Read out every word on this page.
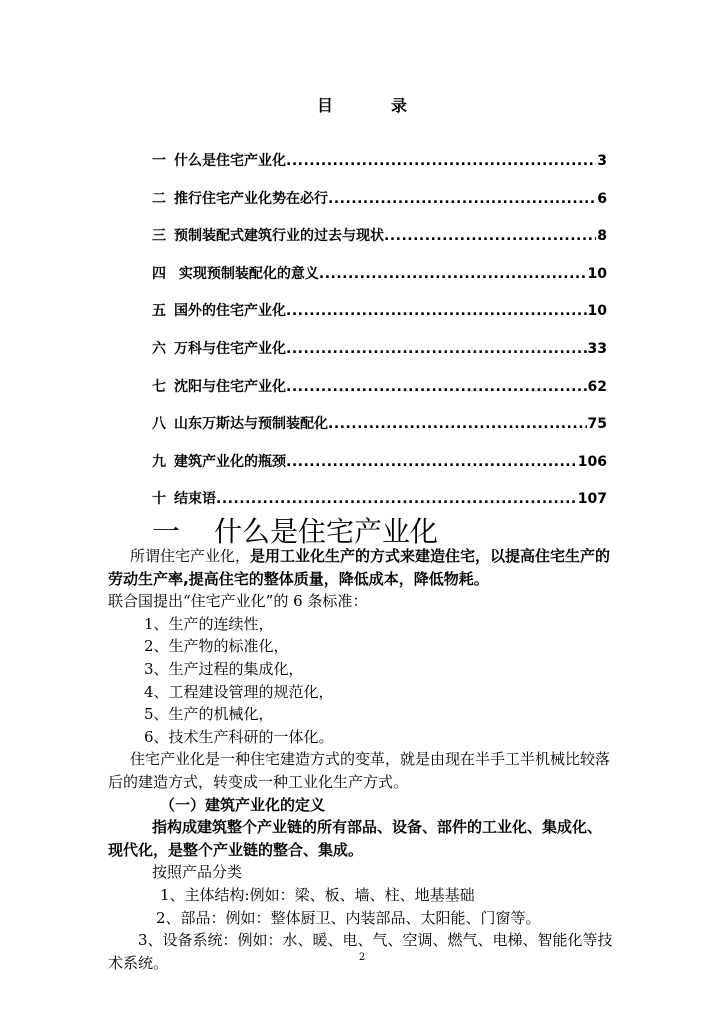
目	录
一 什么是住宅产业化 .....	3
二 推行住宅产业化势在必行 .....	6
三 预制装配式建筑行业的过去与现状 .....	8
四 实现预制装配化的意义 .....	10
五 国外的住宅产业化 .....	10
六 万科与住宅产业化 .....	33
七 沈阳与住宅产业化 .....	62
八 山东万斯达与预制装配化 .....	75
九 建筑产业化的瓶颈 .....	106
十 结束语 .....	107
一 什么是住宅产业化

所谓住宅产业化，是用工业化生产的方式来建造住宅，以提高住宅生产的劳动生产率,提高住宅的整体质量，降低成本，降低物耗。

联合国提出“住宅产业化”的 6 条标准：

1、生产的连续性，

2、生产物的标准化，

3、生产过程的集成化，

4、工程建设管理的规范化，

5、生产的机械化，

6、技术生产科研的一体化。

住宅产业化是一种住宅建造方式的变革，就是由现在半手工半机械比较落后的建造方式，转变成一种工业化生产方式。

（一）建筑产业化的定义

指构成建筑整个产业链的所有部品、设备、部件的工业化、集成化、现代化，是整个产业链的整合、集成。

按照产品分类

1、主体结构:例如：梁、板、墙、柱、地基基础

2、部品：例如：整体厨卫、内装部品、太阳能、门窗等。

3、设备系统：例如：水、暖、电、气、空调、燃气、电梯、智能化等技术系统。	2
